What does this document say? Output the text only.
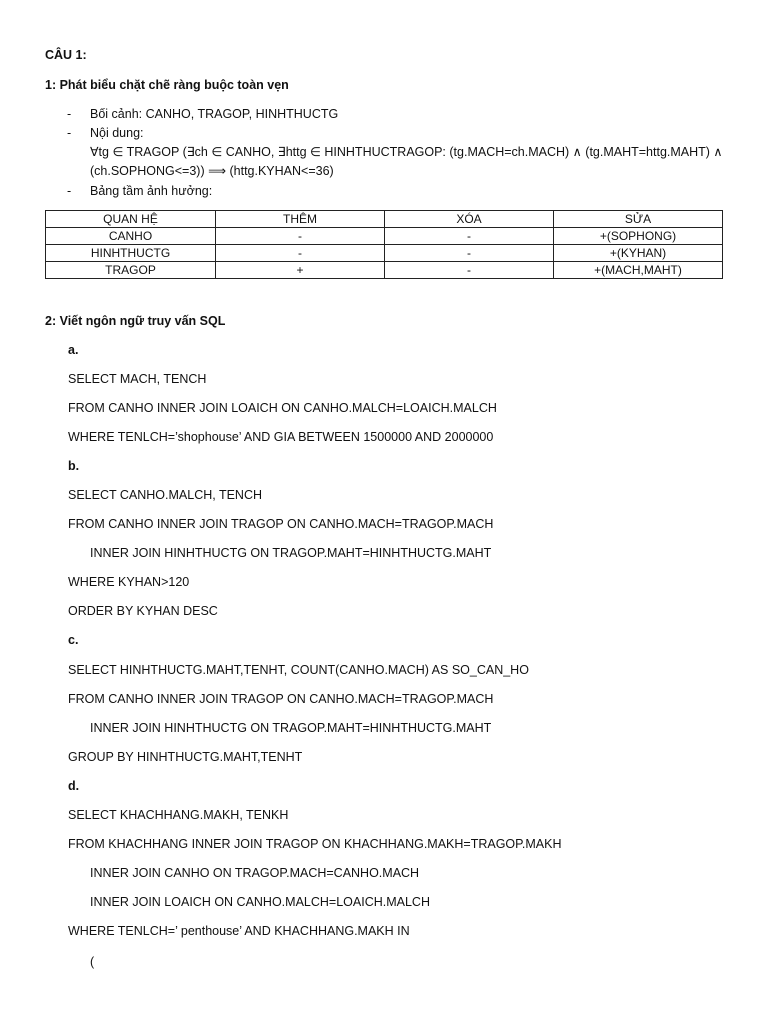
CÂU 1:
1: Phát biểu chặt chẽ ràng buộc toàn vẹn
- Bối cảnh: CANHO, TRAGOP, HINHTHUCTG
- Nội dung:
∀tg ∈ TRAGOP (∃ch ∈ CANHO, ∃httg ∈ HINHTHUCTRAGOP: (tg.MACH=ch.MACH) ∧ (tg.MAHT=httg.MAHT) ∧
(ch.SOPHONG<=3)) ⟹ (httg.KYHAN<=36)
- Bảng tầm ảnh hưởng:
QUAN HỆ	THÊM	XÓA	SỬA
CANHO	-	-	+(SOPHONG)
HINHTHUCTG	-	-	+(KYHAN)
TRAGOP	+	-	+(MACH,MAHT)
2: Viết ngôn ngữ truy vấn SQL
a.
SELECT MACH, TENCH
FROM CANHO INNER JOIN LOAICH ON CANHO.MALCH=LOAICH.MALCH
WHERE TENLCH=’shophouse’ AND GIA BETWEEN 1500000 AND 2000000
b.
SELECT CANHO.MALCH, TENCH
FROM CANHO INNER JOIN TRAGOP ON CANHO.MACH=TRAGOP.MACH
INNER JOIN HINHTHUCTG ON TRAGOP.MAHT=HINHTHUCTG.MAHT
WHERE KYHAN>120
ORDER BY KYHAN DESC
c.
SELECT HINHTHUCTG.MAHT,TENHT, COUNT(CANHO.MACH) AS SO_CAN_HO
FROM CANHO INNER JOIN TRAGOP ON CANHO.MACH=TRAGOP.MACH
INNER JOIN HINHTHUCTG ON TRAGOP.MAHT=HINHTHUCTG.MAHT
GROUP BY HINHTHUCTG.MAHT,TENHT
d.
SELECT KHACHHANG.MAKH, TENKH
FROM KHACHHANG INNER JOIN TRAGOP ON KHACHHANG.MAKH=TRAGOP.MAKH
INNER JOIN CANHO ON TRAGOP.MACH=CANHO.MACH
INNER JOIN LOAICH ON CANHO.MALCH=LOAICH.MALCH
WHERE TENLCH=’ penthouse’ AND KHACHHANG.MAKH IN
(
